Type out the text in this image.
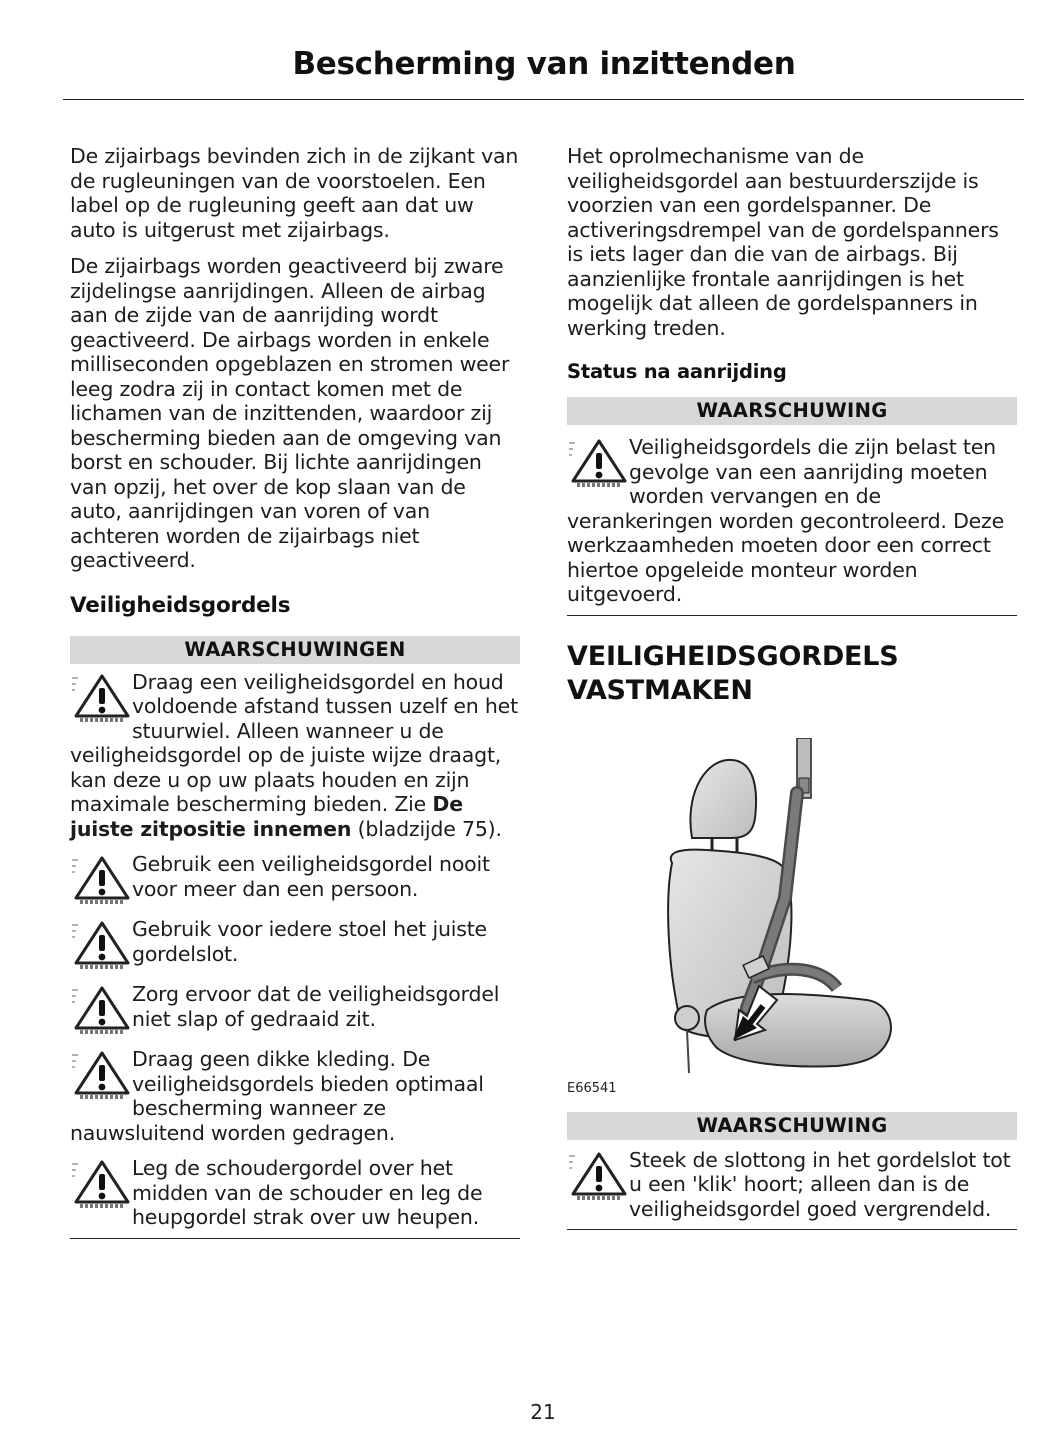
Bescherming van inzittenden

De zijairbags bevinden zich in de zijkant van de rugleuningen van de voorstoelen. Een label op de rugleuning geeft aan dat uw auto is uitgerust met zijairbags.

De zijairbags worden geactiveerd bij zware zijdelingse aanrijdingen. Alleen de airbag aan de zijde van de aanrijding wordt geactiveerd. De airbags worden in enkele milliseconden opgeblazen en stromen weer leeg zodra zij in contact komen met de lichamen van de inzittenden, waardoor zij bescherming bieden aan de omgeving van borst en schouder. Bij lichte aanrijdingen van opzij, het over de kop slaan van de auto, aanrijdingen van voren of van achteren worden de zijairbags niet geactiveerd.

Veiligheidsgordels
WAARSCHUWINGEN

Draag een veiligheidsgordel en houd voldoende afstand tussen uzelf en het stuurwiel. Alleen wanneer u de veiligheidsgordel op de juiste wijze draagt, kan deze u op uw plaats houden en zijn maximale bescherming bieden. Zie De juiste zitpositie innemen (bladzijde 75).

Gebruik een veiligheidsgordel nooit voor meer dan een persoon.

Gebruik voor iedere stoel het juiste gordelslot.

Zorg ervoor dat de veiligheidsgordel niet slap of gedraaid zit.

Draag geen dikke kleding. De veiligheidsgordels bieden optimaal bescherming wanneer ze nauwsluitend worden gedragen.

Leg de schoudergordel over het midden van de schouder en leg de heupgordel strak over uw heupen.

Het oprolmechanisme van de veiligheidsgordel aan bestuurderszijde is voorzien van een gordelspanner. De activeringsdrempel van de gordelspanners is iets lager dan die van de airbags. Bij aanzienlijke frontale aanrijdingen is het mogelijk dat alleen de gordelspanners in werking treden.

Status na aanrijding
WAARSCHUWING

Veiligheidsgordels die zijn belast ten gevolge van een aanrijding moeten worden vervangen en de verankeringen worden gecontroleerd. Deze werkzaamheden moeten door een correct hiertoe opgeleide monteur worden uitgevoerd.

VEILIGHEIDSGORDELS
VASTMAKEN
E66541
WAARSCHUWING

Steek de slottong in het gordelslot tot u een 'klik' hoort; alleen dan is de veiligheidsgordel goed vergrendeld.

21
